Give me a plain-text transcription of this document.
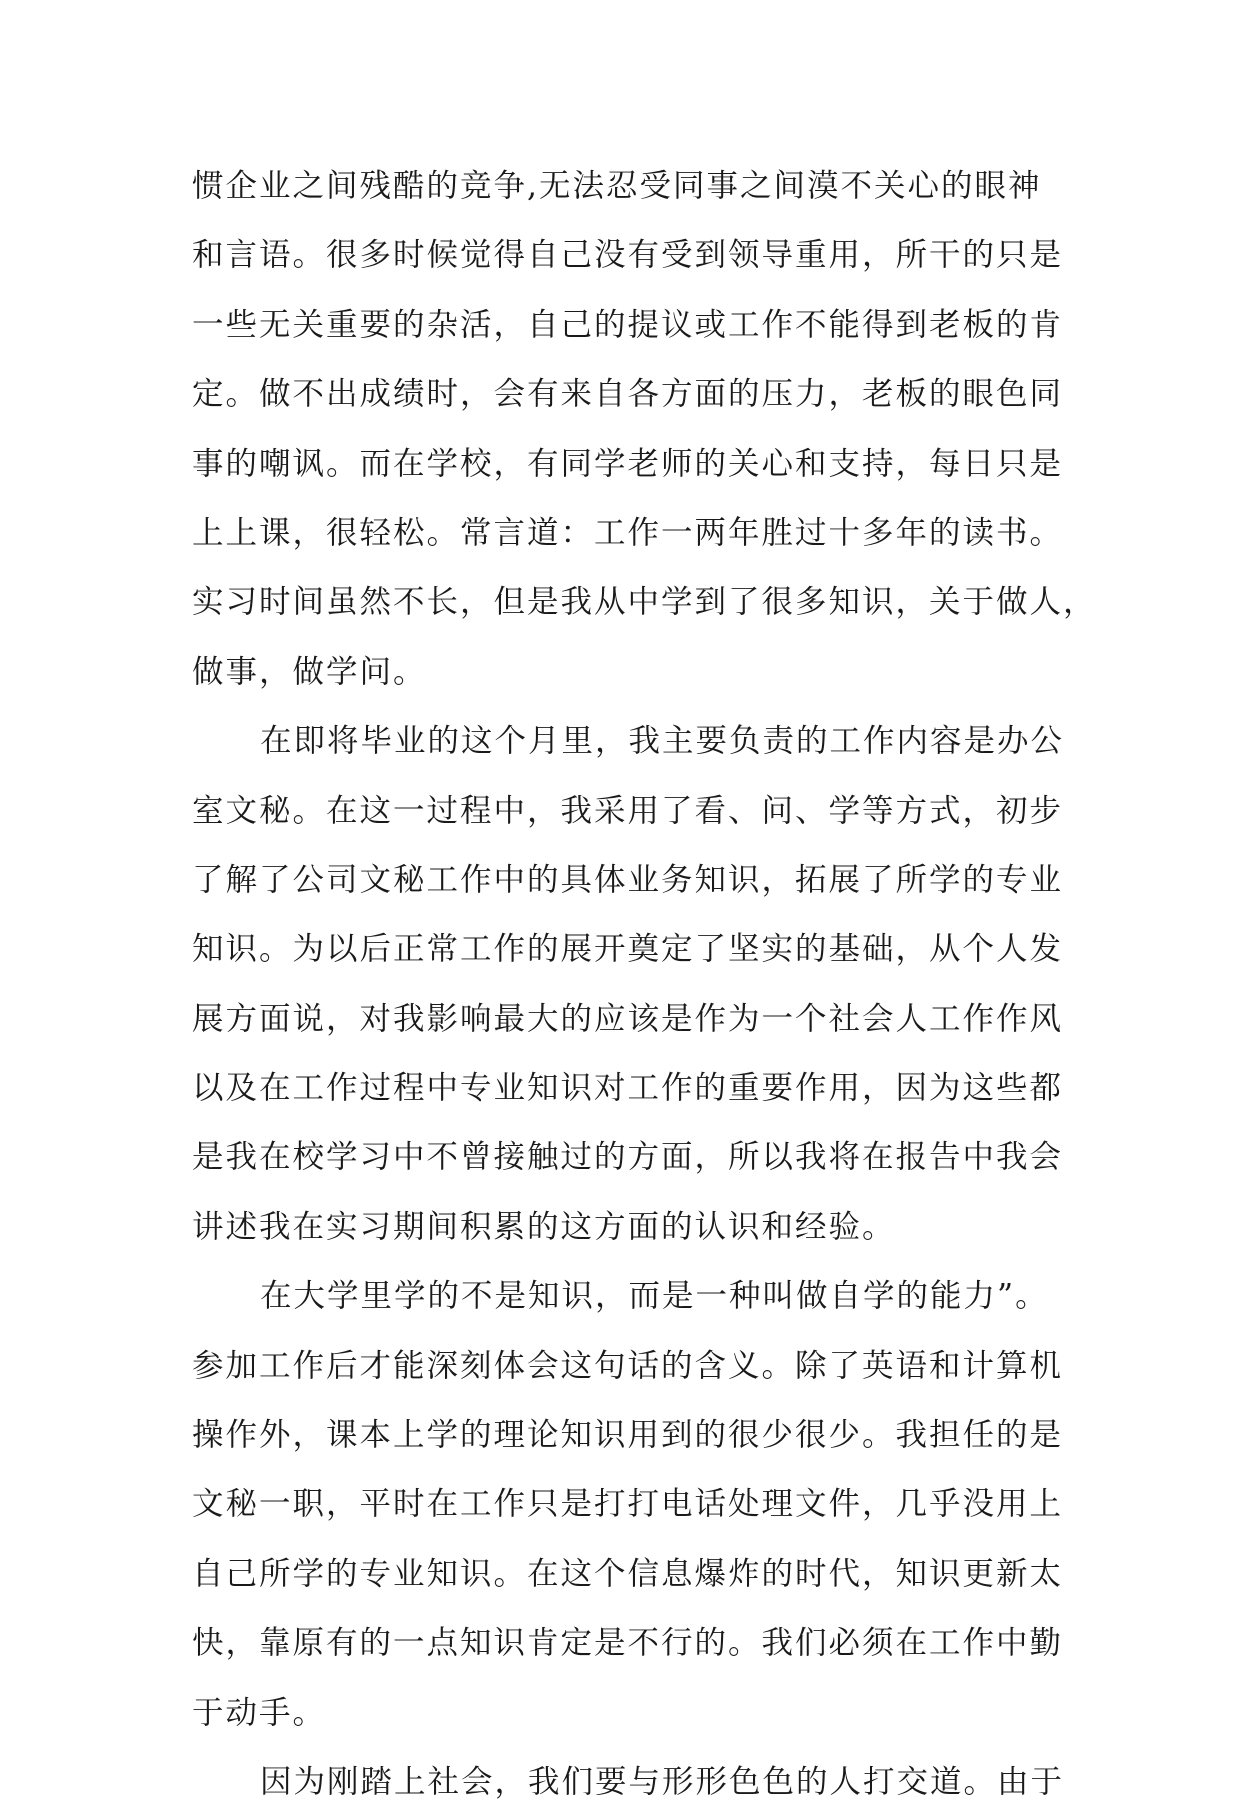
惯企业之间残酷的竞争,无法忍受同事之间漠不关心的眼神
和言语。很多时候觉得自己没有受到领导重用，所干的只是
一些无关重要的杂活，自己的提议或工作不能得到老板的肯
定。做不出成绩时，会有来自各方面的压力，老板的眼色同
事的嘲讽。而在学校，有同学老师的关心和支持，每日只是
上上课，很轻松。常言道：工作一两年胜过十多年的读书。
实习时间虽然不长，但是我从中学到了很多知识，关于做人，
做事，做学问。
在即将毕业的这个月里，我主要负责的工作内容是办公
室文秘。在这一过程中，我采用了看、问、学等方式，初步
了解了公司文秘工作中的具体业务知识，拓展了所学的专业
知识。为以后正常工作的展开奠定了坚实的基础，从个人发
展方面说，对我影响最大的应该是作为一个社会人工作作风
以及在工作过程中专业知识对工作的重要作用，因为这些都
是我在校学习中不曾接触过的方面，所以我将在报告中我会
讲述我在实习期间积累的这方面的认识和经验。
在大学里学的不是知识，而是一种叫做自学的能力”。
参加工作后才能深刻体会这句话的含义。除了英语和计算机
操作外，课本上学的理论知识用到的很少很少。我担任的是
文秘一职，平时在工作只是打打电话处理文件，几乎没用上
自己所学的专业知识。在这个信息爆炸的时代，知识更新太
快，靠原有的一点知识肯定是不行的。我们必须在工作中勤
于动手。
因为刚踏上社会，我们要与形形色色的人打交道。由于
